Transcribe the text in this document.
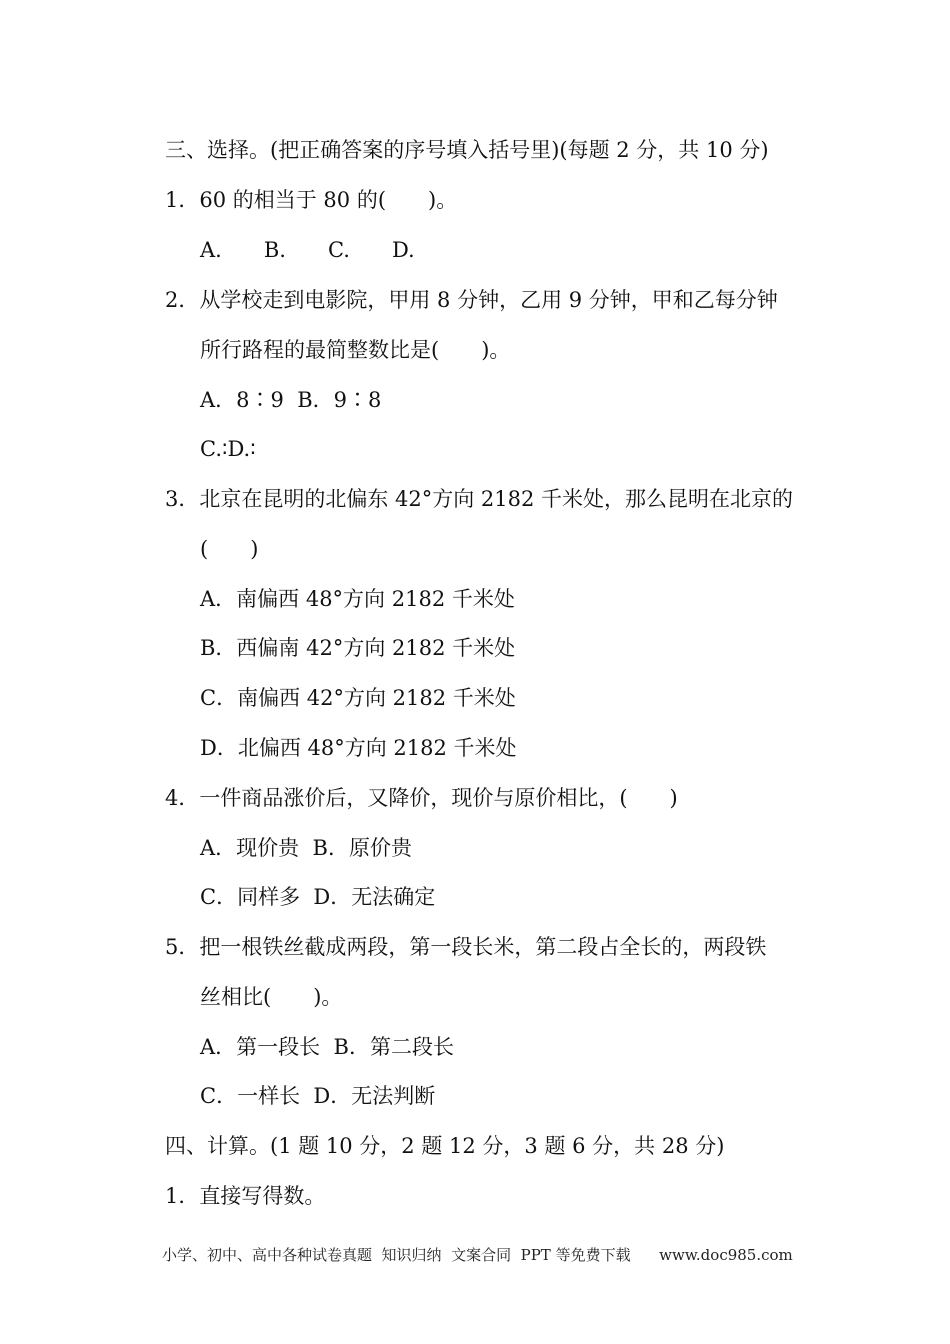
三、选择。(把正确答案的序号填入括号里)(每题 2 分，共 10 分)
1．60 的相当于 80 的(　　)。
A.　　B.　　C.　　D.
2．从学校走到电影院，甲用 8 分钟，乙用 9 分钟，甲和乙每分钟
所行路程的最简整数比是(　　)。
A．8∶9  B．9∶8
C.∶D.∶
3．北京在昆明的北偏东 42°方向 2182 千米处，那么昆明在北京的
(　　)
A．南偏西 48°方向 2182 千米处
B．西偏南 42°方向 2182 千米处
C．南偏西 42°方向 2182 千米处
D．北偏西 48°方向 2182 千米处
4．一件商品涨价后，又降价，现价与原价相比，(　　)
A．现价贵  B．原价贵
C．同样多  D．无法确定
5．把一根铁丝截成两段，第一段长米，第二段占全长的，两段铁
丝相比(　　)。
A．第一段长  B．第二段长
C．一样长  D．无法判断
四、计算。(1 题 10 分，2 题 12 分，3 题 6 分，共 28 分)
1．直接写得数。
小学、初中、高中各种试卷真题  知识归纳  文案合同  PPT 等免费下载      www.doc985.com
